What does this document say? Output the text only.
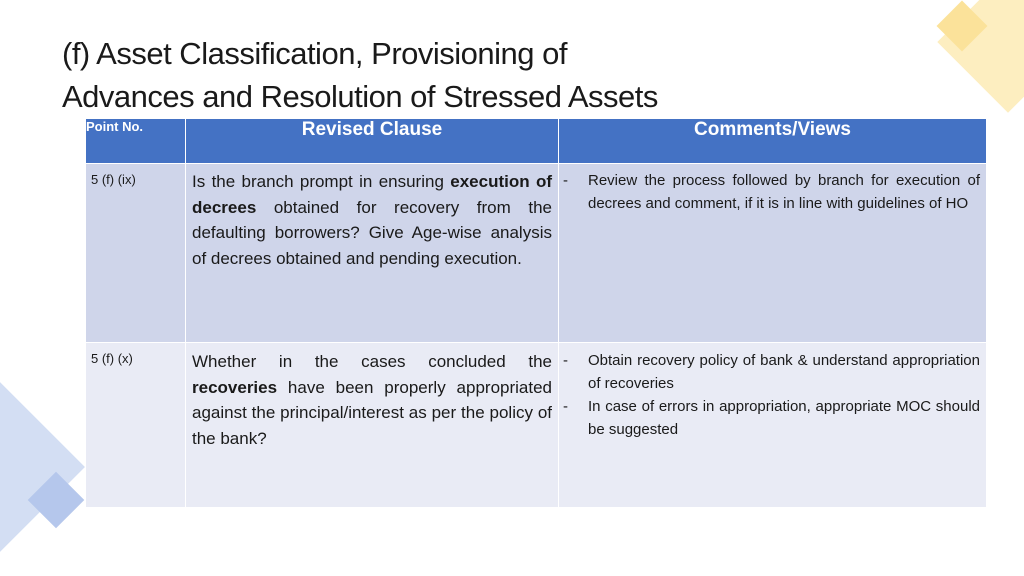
(f) Asset Classification, Provisioning of
Advances and Resolution of Stressed Assets
Point No.	Revised Clause	Comments/Views
5 (f) (ix)	Is the branch prompt in ensuring execution of decrees obtained for recovery from the defaulting borrowers? Give Age-wise analysis of decrees obtained and pending execution.	- Review the process followed by branch for execution of decrees and comment, if it is in line with guidelines of HO

5 (f) (x)	Whether in the cases concluded the recoveries have been properly appropriated against the principal/interest as per the policy of the bank?	- Obtain recovery policy of bank & understand appropriation of recoveries
- In case of errors in appropriation, appropriate MOC should be suggested
